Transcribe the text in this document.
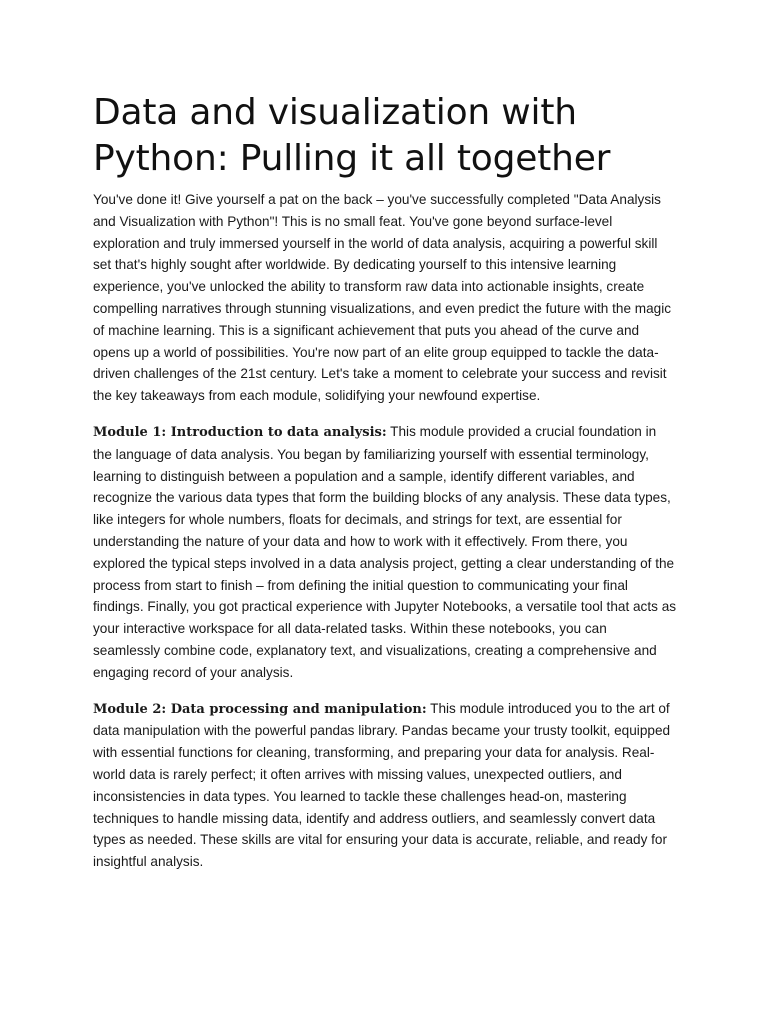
Data and visualization with Python: Pulling it all together

You've done it! Give yourself a pat on the back – you've successfully completed "Data Analysis and Visualization with Python"! This is no small feat. You've gone beyond surface-level exploration and truly immersed yourself in the world of data analysis, acquiring a powerful skill set that's highly sought after worldwide. By dedicating yourself to this intensive learning experience, you've unlocked the ability to transform raw data into actionable insights, create compelling narratives through stunning visualizations, and even predict the future with the magic of machine learning. This is a significant achievement that puts you ahead of the curve and opens up a world of possibilities. You're now part of an elite group equipped to tackle the data-driven challenges of the 21st century. Let's take a moment to celebrate your success and revisit the key takeaways from each module, solidifying your newfound expertise.

Module 1: Introduction to data analysis: This module provided a crucial foundation in the language of data analysis. You began by familiarizing yourself with essential terminology, learning to distinguish between a population and a sample, identify different variables, and recognize the various data types that form the building blocks of any analysis. These data types, like integers for whole numbers, floats for decimals, and strings for text, are essential for understanding the nature of your data and how to work with it effectively. From there, you explored the typical steps involved in a data analysis project, getting a clear understanding of the process from start to finish – from defining the initial question to communicating your final findings. Finally, you got practical experience with Jupyter Notebooks, a versatile tool that acts as your interactive workspace for all data-related tasks. Within these notebooks, you can seamlessly combine code, explanatory text, and visualizations, creating a comprehensive and engaging record of your analysis.

Module 2: Data processing and manipulation: This module introduced you to the art of data manipulation with the powerful pandas library. Pandas became your trusty toolkit, equipped with essential functions for cleaning, transforming, and preparing your data for analysis. Real-world data is rarely perfect; it often arrives with missing values, unexpected outliers, and inconsistencies in data types. You learned to tackle these challenges head-on, mastering techniques to handle missing data, identify and address outliers, and seamlessly convert data types as needed. These skills are vital for ensuring your data is accurate, reliable, and ready for insightful analysis.
